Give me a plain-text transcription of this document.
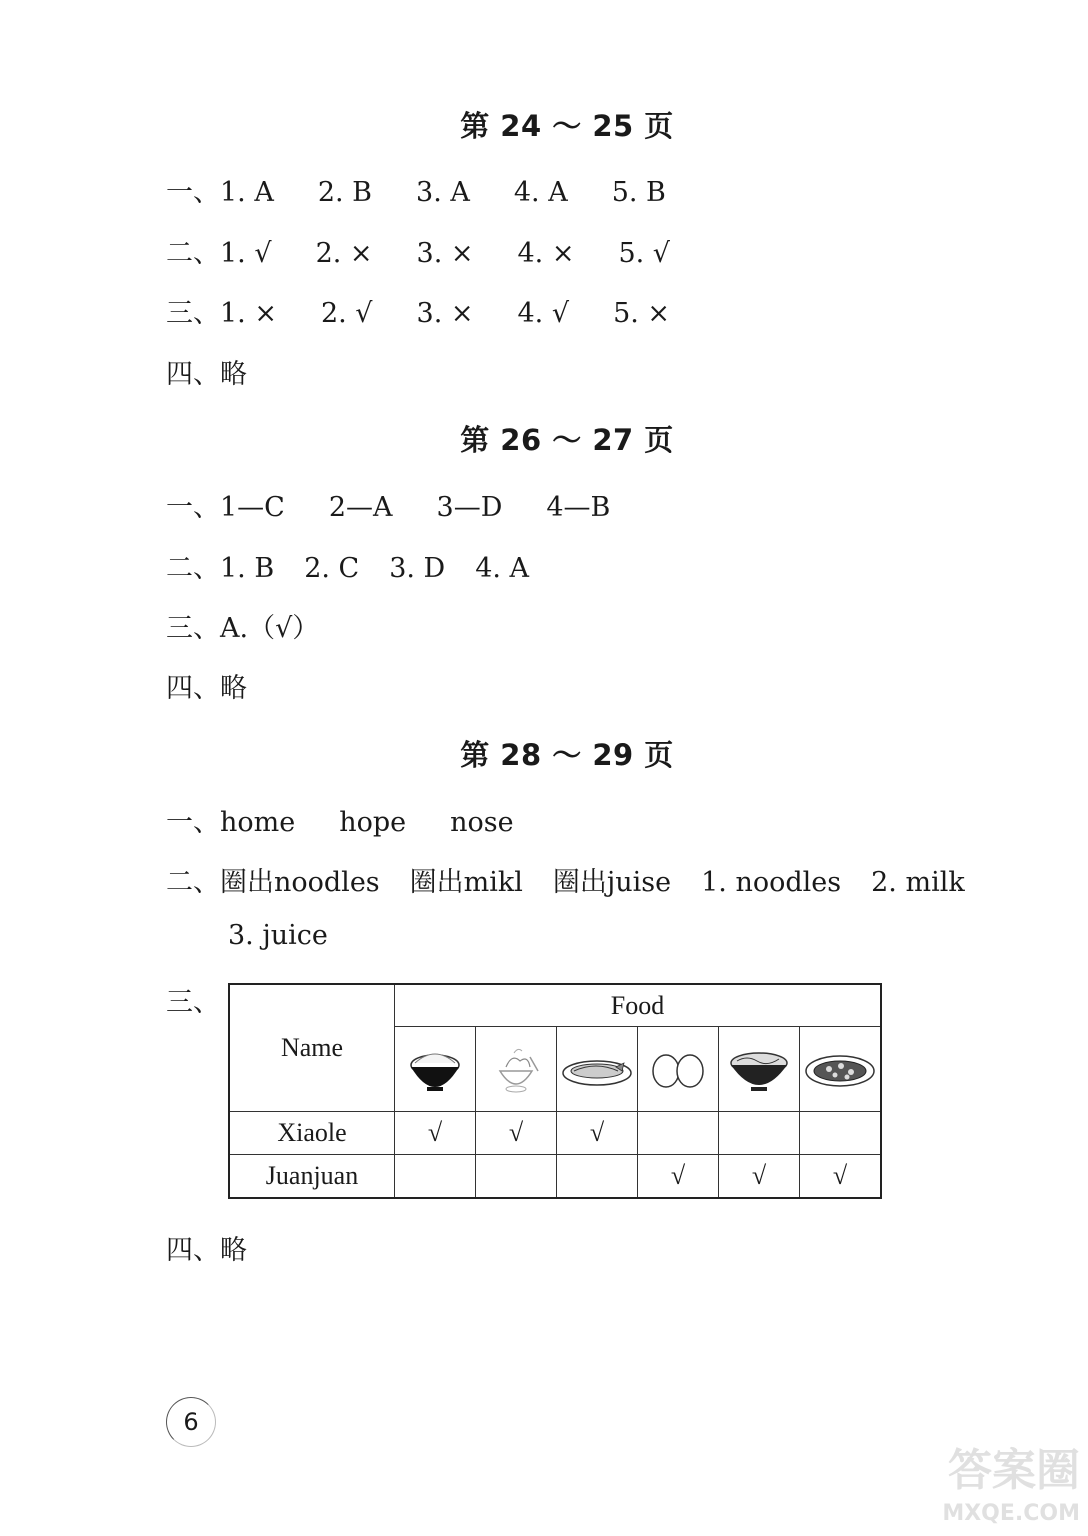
第 24 ～ 25 页
一、 1. A 2. B 3. A 4. A 5. B
二、 1. √ 2. × 3. × 4. × 5. √
三、 1. × 2. √ 3. × 4. √ 5. ×
四、 略
第 26 ～ 27 页
一、 1—C 2—A 3—D 4—B
二、 1. B 2. C 3. D 4. A
三、 A.（√）
四、 略
第 28 ～ 29 页
一、 home hope nose
二、 圈出noodles 圈出mikl 圈出juise 1. noodles 2. milk
3. juice
三、
Name	Food					

Xiaole	√	√	√			
Juanjuan				√	√	√
四、 略
6
答案圈
MXQE.COM
